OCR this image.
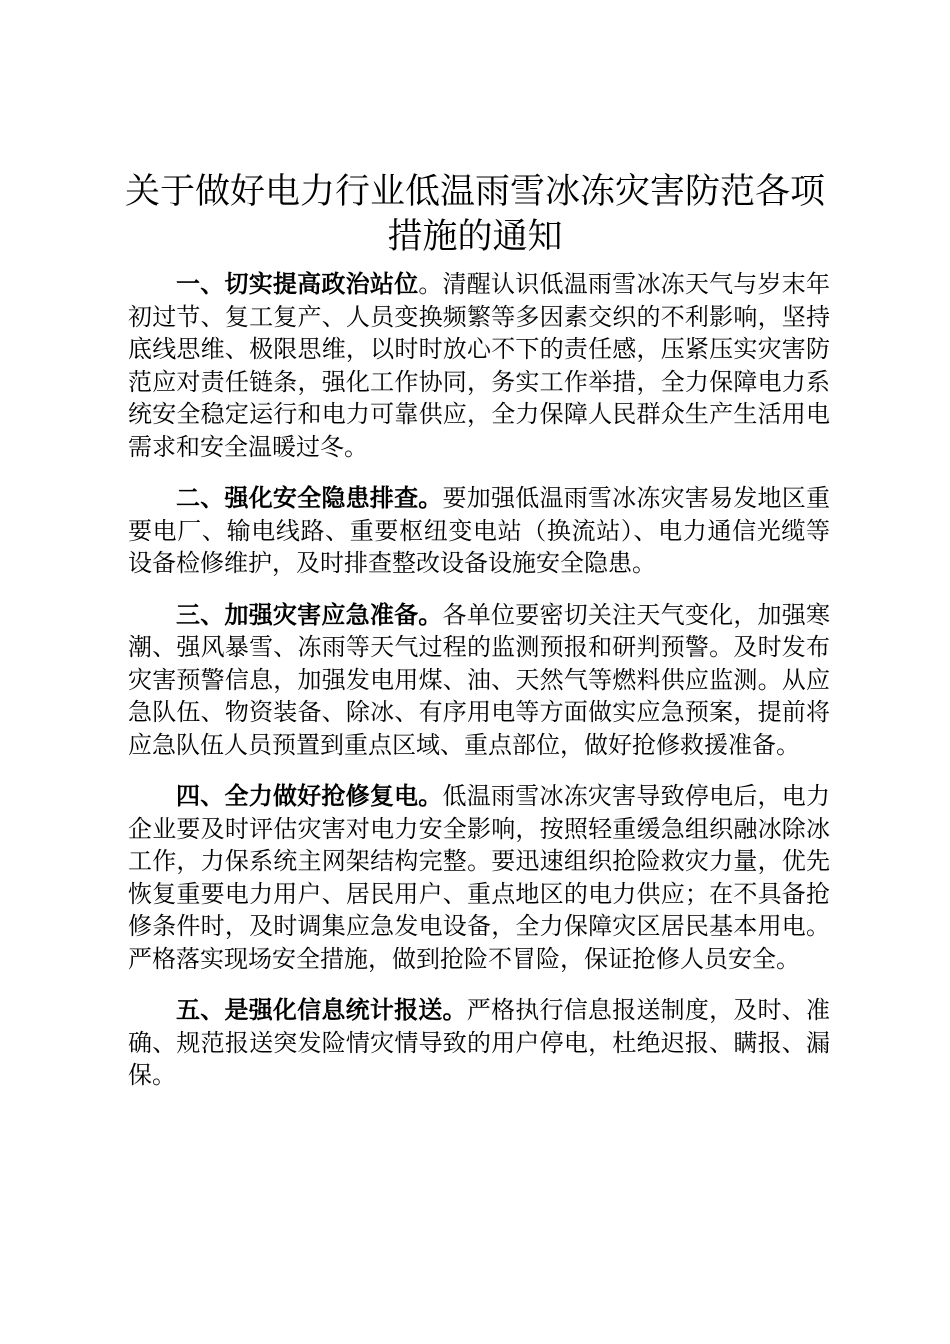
关于做好电力行业低温雨雪冰冻灾害防范各项措施的通知

一、切实提高政治站位。清醒认识低温雨雪冰冻天气与岁末年初过节、复工复产、人员变换频繁等多因素交织的不利影响，坚持底线思维、极限思维，以时时放心不下的责任感，压紧压实灾害防范应对责任链条，强化工作协同，务实工作举措，全力保障电力系统安全稳定运行和电力可靠供应，全力保障人民群众生产生活用电需求和安全温暖过冬。

二、强化安全隐患排查。要加强低温雨雪冰冻灾害易发地区重要电厂、输电线路、重要枢纽变电站（换流站）、电力通信光缆等设备检修维护，及时排查整改设备设施安全隐患。

三、加强灾害应急准备。各单位要密切关注天气变化，加强寒潮、强风暴雪、冻雨等天气过程的监测预报和研判预警。及时发布灾害预警信息，加强发电用煤、油、天然气等燃料供应监测。从应急队伍、物资装备、除冰、有序用电等方面做实应急预案，提前将应急队伍人员预置到重点区域、重点部位，做好抢修救援准备。

四、全力做好抢修复电。低温雨雪冰冻灾害导致停电后，电力企业要及时评估灾害对电力安全影响，按照轻重缓急组织融冰除冰工作，力保系统主网架结构完整。要迅速组织抢险救灾力量，优先恢复重要电力用户、居民用户、重点地区的电力供应；在不具备抢修条件时，及时调集应急发电设备，全力保障灾区居民基本用电。严格落实现场安全措施，做到抢险不冒险，保证抢修人员安全。

五、是强化信息统计报送。严格执行信息报送制度，及时、准确、规范报送突发险情灾情导致的用户停电，杜绝迟报、瞒报、漏保。
